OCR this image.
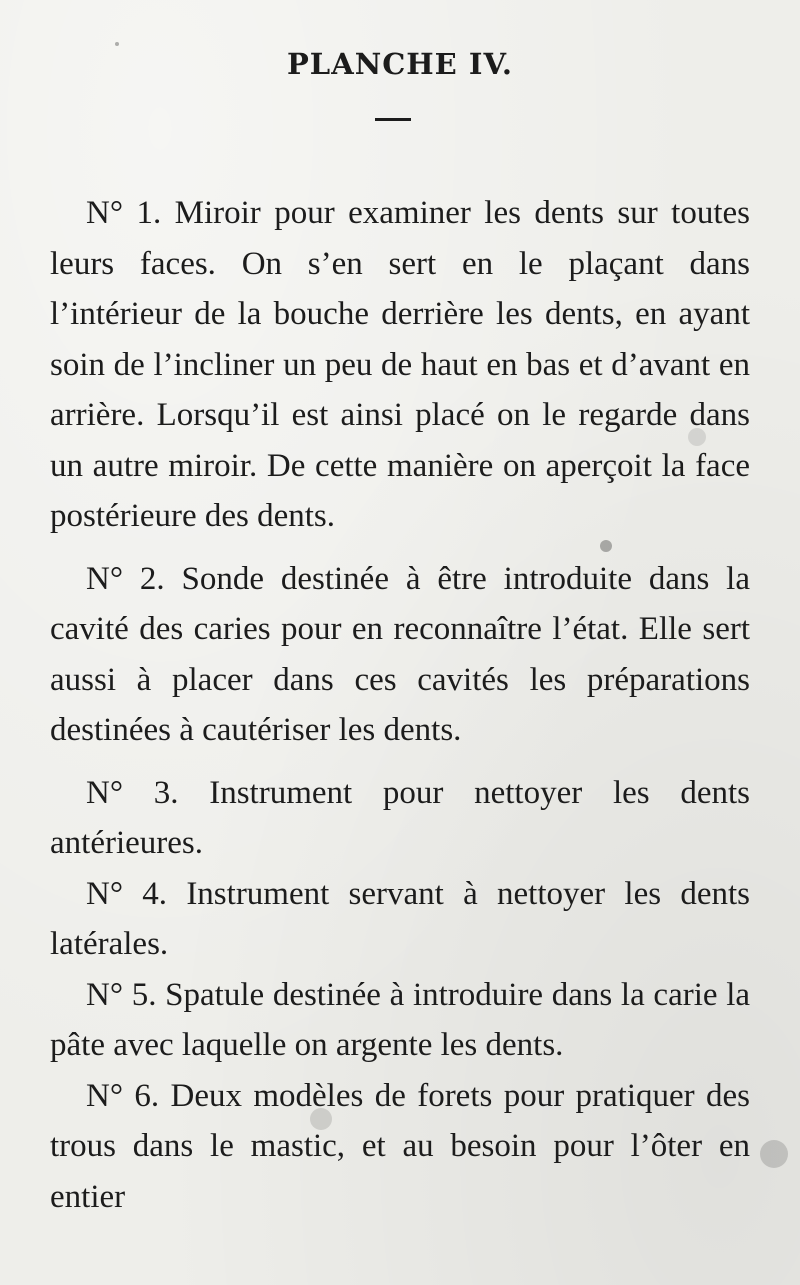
PLANCHE IV.

N° 1. Miroir pour examiner les dents sur toutes leurs faces. On s’en sert en le plaçant dans l’intérieur de la bouche derrière les dents, en ayant soin de l’incliner un peu de haut en bas et d’avant en arrière. Lorsqu’il est ainsi placé on le regarde dans un autre miroir. De cette manière on aperçoit la face postérieure des dents.

N° 2. Sonde destinée à être introduite dans la cavité des caries pour en reconnaître l’état. Elle sert aussi à placer dans ces cavités les préparations destinées à cautériser les dents.

N° 3. Instrument pour nettoyer les dents antérieures.

N° 4. Instrument servant à nettoyer les dents latérales.

N° 5. Spatule destinée à introduire dans la carie la pâte avec laquelle on argente les dents.

N° 6. Deux modèles de forets pour pratiquer des trous dans le mastic, et au besoin pour l’ôter en entier
